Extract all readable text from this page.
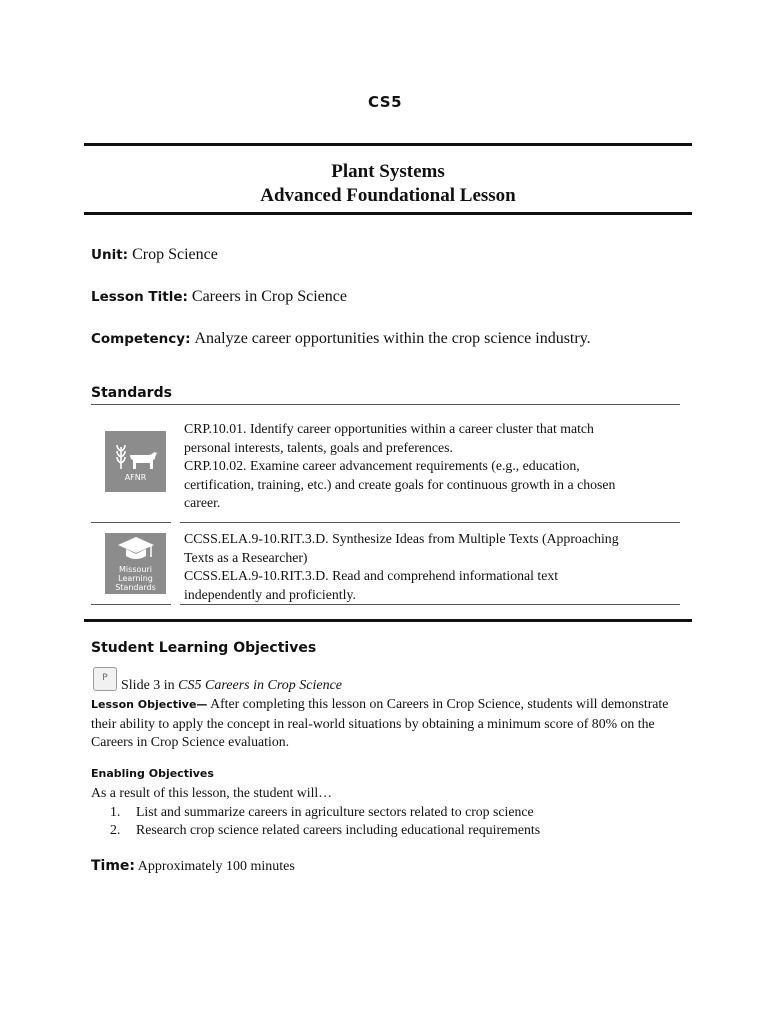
CS5
Plant Systems
Advanced Foundational Lesson
Unit: Crop Science
Lesson Title: Careers in Crop Science
Competency: Analyze career opportunities within the crop science industry.
Standards
AFNR
CRP.10.01. Identify career opportunities within a career cluster that match
personal interests, talents, goals and preferences.
CRP.10.02. Examine career advancement requirements (e.g., education,
certification, training, etc.) and create goals for continuous growth in a chosen
career.
Missouri Learning
Standards
CCSS.ELA.9-10.RIT.3.D. Synthesize Ideas from Multiple Texts (Approaching
Texts as a Researcher)
CCSS.ELA.9-10.RIT.3.D. Read and comprehend informational text
independently and proficiently.
Student Learning Objectives
P Slide 3 in CS5 Careers in Crop Science
Lesson Objective— After completing this lesson on Careers in Crop Science, students will demonstrate their ability to apply the concept in real-world situations by obtaining a minimum score of 80% on the Careers in Crop Science evaluation.
Enabling Objectives
As a result of this lesson, the student will…
1.	List and summarize careers in agriculture sectors related to crop science
2.	Research crop science related careers including educational requirements
Time: Approximately 100 minutes
